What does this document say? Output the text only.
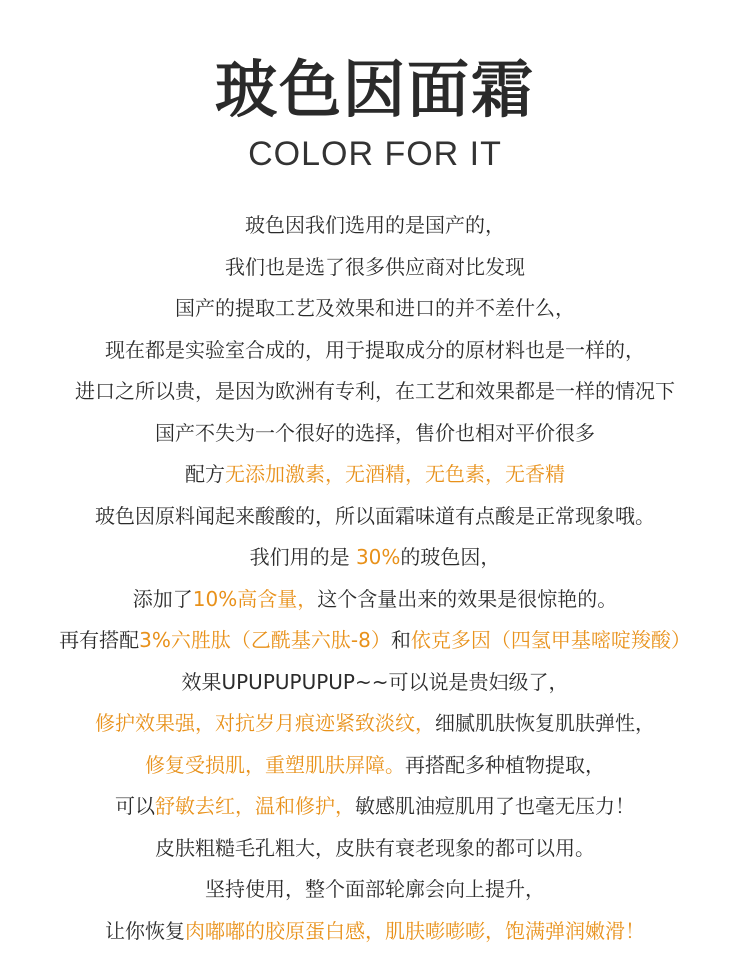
玻色因面霜
COLOR FOR IT
玻色因我们选用的是国产的，
我们也是选了很多供应商对比发现
国产的提取工艺及效果和进口的并不差什么，
现在都是实验室合成的，用于提取成分的原材料也是一样的，
进口之所以贵，是因为欧洲有专利，在工艺和效果都是一样的情况下
国产不失为一个很好的选择，售价也相对平价很多
配方无添加激素，无酒精，无色素，无香精
玻色因原料闻起来酸酸的，所以面霜味道有点酸是正常现象哦。
我们用的是 30%的玻色因，
添加了10%高含量，这个含量出来的效果是很惊艳的。
再有搭配3%六胜肽（乙酰基六肽-8）和依克多因（四氢甲基嘧啶羧酸）
效果UPUPUPUPUP~~可以说是贵妇级了，
修护效果强，对抗岁月痕迹紧致淡纹，细腻肌肤恢复肌肤弹性，
修复受损肌，重塑肌肤屏障。再搭配多种植物提取，
可以舒敏去红，温和修护，敏感肌油痘肌用了也毫无压力！
皮肤粗糙毛孔粗大，皮肤有衰老现象的都可以用。
坚持使用，整个面部轮廓会向上提升，
让你恢复肉嘟嘟的胶原蛋白感，肌肤嘭嘭嘭，饱满弹润嫩滑！
